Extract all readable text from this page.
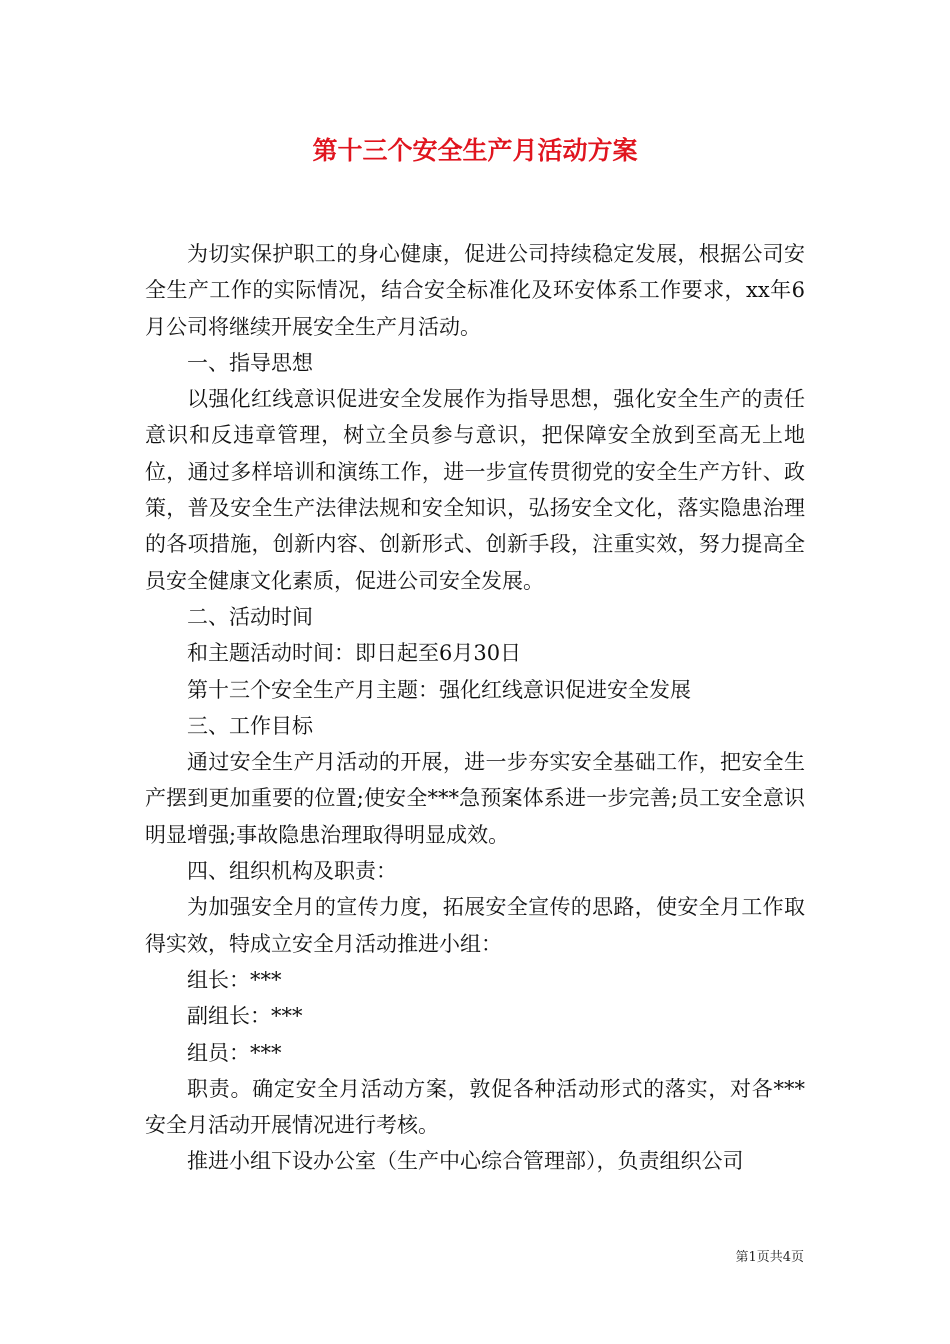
第十三个安全生产月活动方案

为切实保护职工的身心健康，促进公司持续稳定发展，根据公司安全生产工作的实际情况，结合安全标准化及环安体系工作要求，xx年6月公司将继续开展安全生产月活动。

一、指导思想

以强化红线意识促进安全发展作为指导思想，强化安全生产的责任意识和反违章管理，树立全员参与意识，把保障安全放到至高无上地位，通过多样培训和演练工作，进一步宣传贯彻党的安全生产方针、政策，普及安全生产法律法规和安全知识，弘扬安全文化，落实隐患治理的各项措施，创新内容、创新形式、创新手段，注重实效，努力提高全员安全健康文化素质，促进公司安全发展。

二、活动时间

和主题活动时间：即日起至6月30日

第十三个安全生产月主题：强化红线意识促进安全发展

三、工作目标

通过安全生产月活动的开展，进一步夯实安全基础工作，把安全生产摆到更加重要的位置;使安全***急预案体系进一步完善;员工安全意识明显增强;事故隐患治理取得明显成效。

四、组织机构及职责：

为加强安全月的宣传力度，拓展安全宣传的思路，使安全月工作取得实效，特成立安全月活动推进小组：

组长：***

副组长：***

组员：***

职责。确定安全月活动方案，敦促各种活动形式的落实，对各***安全月活动开展情况进行考核。

推进小组下设办公室（生产中心综合管理部），负责组织公司

第1页共4页
